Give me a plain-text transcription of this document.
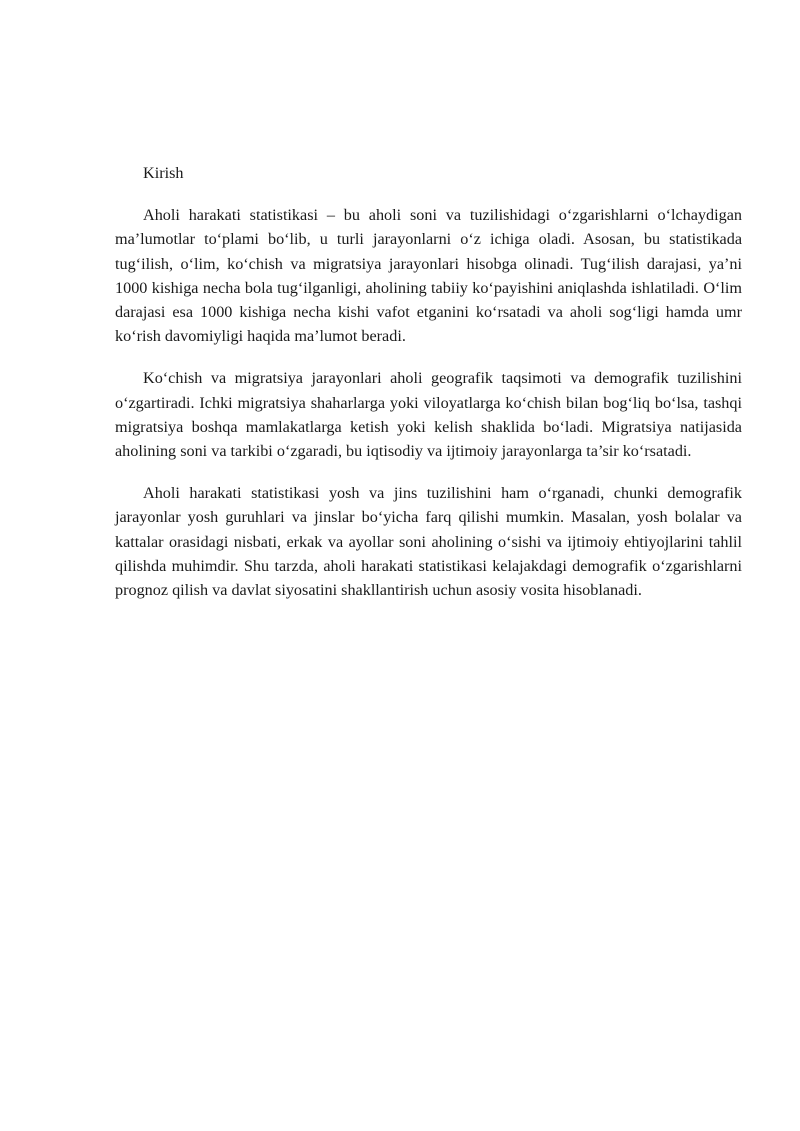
Kirish

Aholi harakati statistikasi – bu aholi soni va tuzilishidagi o‘zgarishlarni o‘lchaydigan ma’lumotlar to‘plami bo‘lib, u turli jarayonlarni o‘z ichiga oladi. Asosan, bu statistikada tug‘ilish, o‘lim, ko‘chish va migratsiya jarayonlari hisobga olinadi. Tug‘ilish darajasi, ya’ni 1000 kishiga necha bola tug‘ilganligi, aholining tabiiy ko‘payishini aniqlashda ishlatiladi. O‘lim darajasi esa 1000 kishiga necha kishi vafot etganini ko‘rsatadi va aholi sog‘ligi hamda umr ko‘rish davomiyligi haqida ma’lumot beradi.

Ko‘chish va migratsiya jarayonlari aholi geografik taqsimoti va demografik tuzilishini o‘zgartiradi. Ichki migratsiya shaharlarga yoki viloyatlarga ko‘chish bilan bog‘liq bo‘lsa, tashqi migratsiya boshqa mamlakatlarga ketish yoki kelish shaklida bo‘ladi. Migratsiya natijasida aholining soni va tarkibi o‘zgaradi, bu iqtisodiy va ijtimoiy jarayonlarga ta’sir ko‘rsatadi.

Aholi harakati statistikasi yosh va jins tuzilishini ham o‘rganadi, chunki demografik jarayonlar yosh guruhlari va jinslar bo‘yicha farq qilishi mumkin. Masalan, yosh bolalar va kattalar orasidagi nisbati, erkak va ayollar soni aholining o‘sishi va ijtimoiy ehtiyojlarini tahlil qilishda muhimdir. Shu tarzda, aholi harakati statistikasi kelajakdagi demografik o‘zgarishlarni prognoz qilish va davlat siyosatini shakllantirish uchun asosiy vosita hisoblanadi.
